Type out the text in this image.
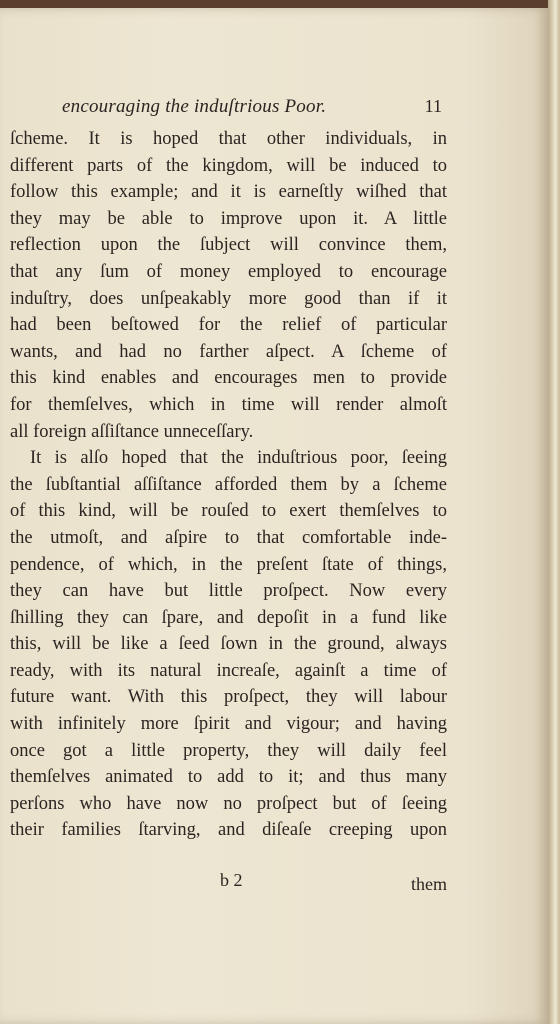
encouraging the induſtrious Poor.	11
ſcheme. It is hoped that other individuals, in
different parts of the kingdom, will be induced to
follow this example; and it is earneſtly wiſhed that
they may be able to improve upon it. A little
reflection upon the ſubject will convince them,
that any ſum of money employed to encourage
induſtry, does unſpeakably more good than if it
had been beſtowed for the relief of particular
wants, and had no farther aſpect. A ſcheme of
this kind enables and encourages men to provide
for themſelves, which in time will render almoſt
all foreign aſſiſtance unneceſſary.
It is alſo hoped that the induſtrious poor, ſeeing
the ſubſtantial aſſiſtance afforded them by a ſcheme
of this kind, will be rouſed to exert themſelves to
the utmoſt, and aſpire to that comfortable inde-
pendence, of which, in the preſent ſtate of things,
they can have but little proſpect. Now every
ſhilling they can ſpare, and depoſit in a fund like
this, will be like a ſeed ſown in the ground, always
ready, with its natural increaſe, againſt a time of
future want. With this proſpect, they will labour
with infinitely more ſpirit and vigour; and having
once got a little property, they will daily feel
themſelves animated to add to it; and thus many
perſons who have now no proſpect but of ſeeing
their families ſtarving, and diſeaſe creeping upon
b 2	them
